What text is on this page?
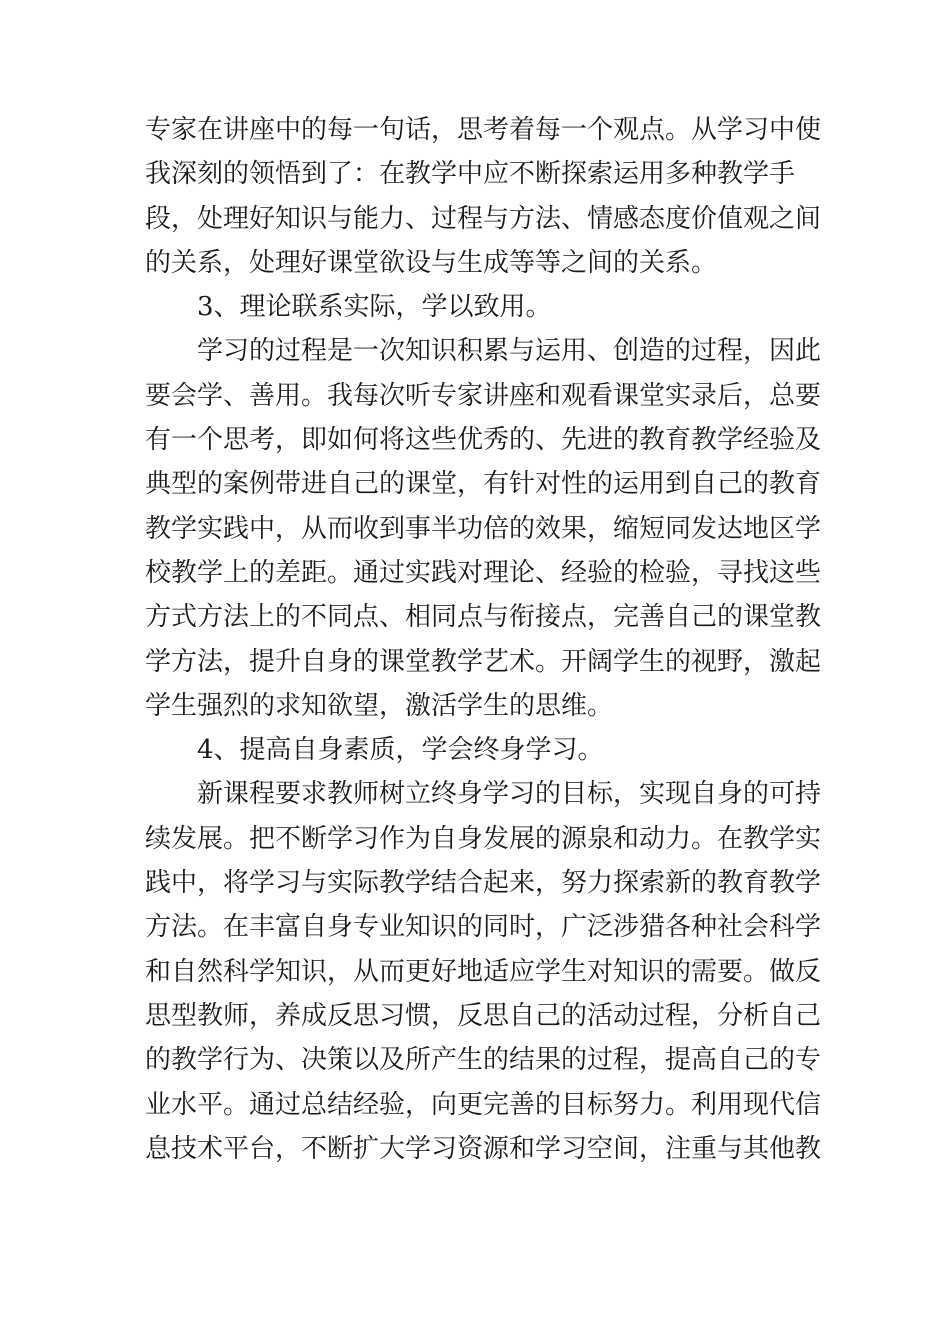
专家在讲座中的每一句话，思考着每一个观点。从学习中使
我深刻的领悟到了：在教学中应不断探索运用多种教学手
段，处理好知识与能力、过程与方法、情感态度价值观之间
的关系，处理好课堂欲设与生成等等之间的关系。
3、理论联系实际，学以致用。
学习的过程是一次知识积累与运用、创造的过程，因此
要会学、善用。我每次听专家讲座和观看课堂实录后，总要
有一个思考，即如何将这些优秀的、先进的教育教学经验及
典型的案例带进自己的课堂，有针对性的运用到自己的教育
教学实践中，从而收到事半功倍的效果，缩短同发达地区学
校教学上的差距。通过实践对理论、经验的检验，寻找这些
方式方法上的不同点、相同点与衔接点，完善自己的课堂教
学方法，提升自身的课堂教学艺术。开阔学生的视野，激起
学生强烈的求知欲望，激活学生的思维。
4、提高自身素质，学会终身学习。
新课程要求教师树立终身学习的目标，实现自身的可持
续发展。把不断学习作为自身发展的源泉和动力。在教学实
践中，将学习与实际教学结合起来，努力探索新的教育教学
方法。在丰富自身专业知识的同时，广泛涉猎各种社会科学
和自然科学知识，从而更好地适应学生对知识的需要。做反
思型教师，养成反思习惯，反思自己的活动过程，分析自己
的教学行为、决策以及所产生的结果的过程，提高自己的专
业水平。通过总结经验，向更完善的目标努力。利用现代信
息技术平台，不断扩大学习资源和学习空间，注重与其他教
